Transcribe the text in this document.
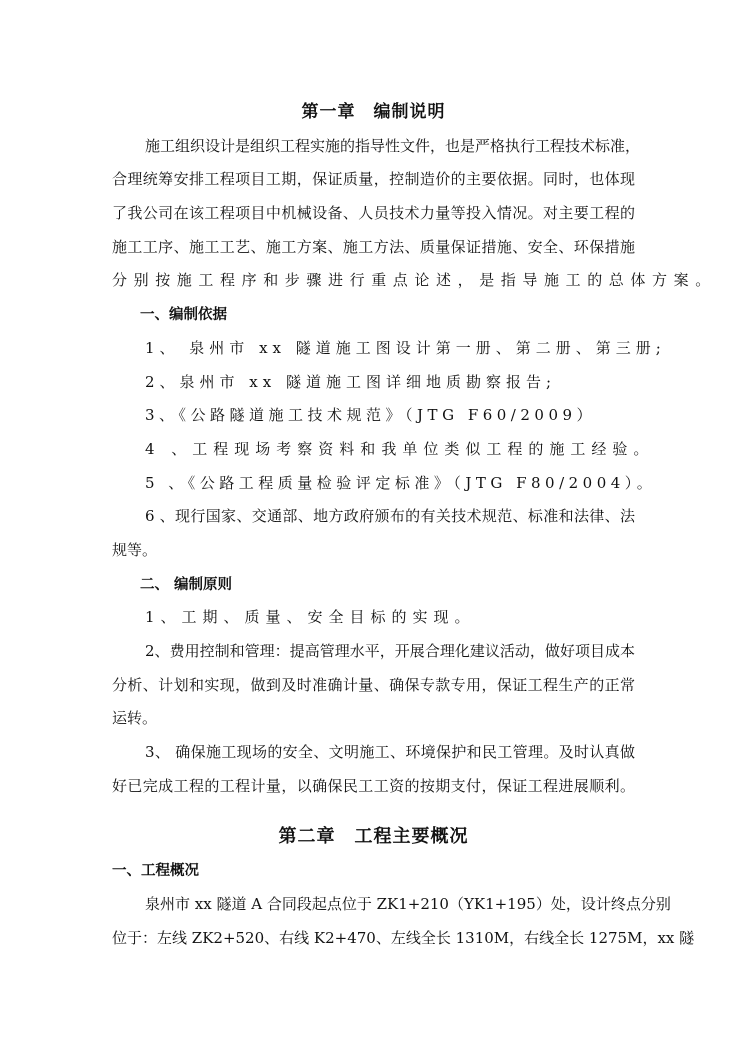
第一章　编制说明
施工组织设计是组织工程实施的指导性文件，也是严格执行工程技术标准，
合理统筹安排工程项目工期，保证质量，控制造价的主要依据。同时，也体现
了我公司在该工程项目中机械设备、人员技术力量等投入情况。对主要工程的
施工工序、施工工艺、施工方案、施工方法、质量保证措施、安全、环保措施
分别按施工程序和步骤进行重点论述，是指导施工的总体方案。
一、编制依据
1、 泉州市 xx 隧道施工图设计第一册、第二册、第三册;
2、泉州市 xx 隧道施工图详细地质勘察报告;
3、《公路隧道施工技术规范》（JTG F60/2009）
4 、工程现场考察资料和我单位类似工程的施工经验。
5 、《公路工程质量检验评定标准》（JTG F80/2004）。
6 、现行国家、交通部、地方政府颁布的有关技术规范、标准和法律、法
规等。
二、 编制原则
1、工期、质量、安全目标的实现。
2、费用控制和管理：提高管理水平，开展合理化建议活动，做好项目成本
分析、计划和实现，做到及时准确计量、确保专款专用，保证工程生产的正常
运转。
3、 确保施工现场的安全、文明施工、环境保护和民工管理。及时认真做
好已完成工程的工程计量，以确保民工工资的按期支付，保证工程进展顺利。
第二章　工程主要概况
一、工程概况
泉州市 xx 隧道 A 合同段起点位于 ZK1+210（YK1+195）处，设计终点分别
位于：左线 ZK2+520、右线 K2+470、左线全长 1310M，右线全长 1275M，xx 隧
